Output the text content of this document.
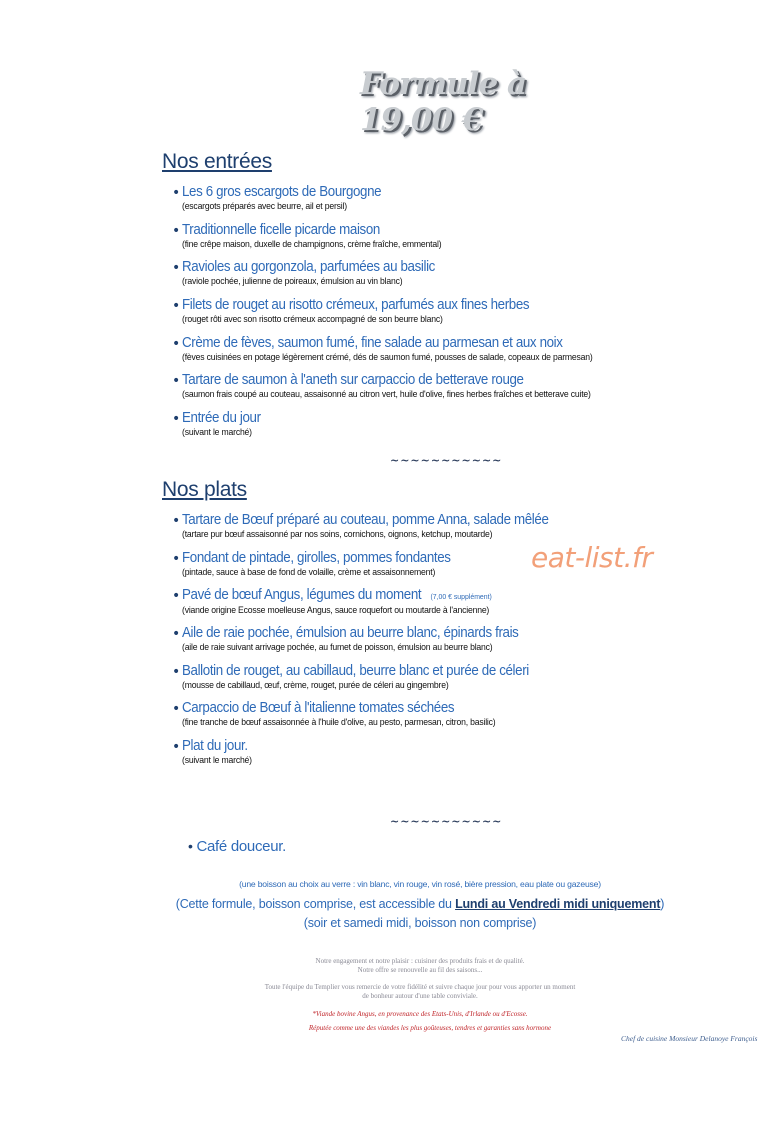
Formule à 19,00 €
Nos entrées
• Les 6 gros escargots de Bourgogne
(escargots préparés avec beurre, ail et persil)
• Traditionnelle ficelle picarde maison
(fine crêpe maison, duxelle de champignons, crème fraîche, emmental)
• Ravioles au gorgonzola, parfumées au basilic
(raviole pochée, julienne de poireaux, émulsion au vin blanc)
• Filets de rouget au risotto crémeux, parfumés aux fines herbes
(rouget rôti avec son risotto crémeux accompagné de son beurre blanc)
• Crème de fèves, saumon fumé, fine salade au parmesan et aux noix
(fèves cuisinées en potage légèrement crémé, dés de saumon fumé, pousses de salade, copeaux de parmesan)
• Tartare de saumon à l'aneth sur carpaccio de betterave rouge
(saumon frais coupé au couteau, assaisonné au citron vert, huile d'olive, fines herbes fraîches et betterave cuite)
• Entrée du jour
(suivant le marché)
~~~~~~~~~~~
Nos plats
• Tartare de Bœuf préparé au couteau, pomme Anna, salade mêlée
(tartare pur bœuf assaisonné par nos soins, cornichons, oignons, ketchup, moutarde)
• Fondant de pintade, girolles, pommes fondantes
(pintade, sauce à base de fond de volaille, crème et assaisonnement)
• Pavé de bœuf Angus, légumes du moment (7,00 € supplément)
(viande origine Ecosse moelleuse Angus, sauce roquefort ou moutarde à l'ancienne)
• Aile de raie pochée, émulsion au beurre blanc, épinards frais
(aile de raie suivant arrivage pochée, au fumet de poisson, émulsion au beurre blanc)
• Ballotin de rouget, au cabillaud, beurre blanc et purée de céleri
(mousse de cabillaud, œuf, crème, rouget, purée de céleri au gingembre)
• Carpaccio de Bœuf à l'italienne tomates séchées
(fine tranche de bœuf assaisonnée à l'huile d'olive, au pesto, parmesan, citron, basilic)
• Plat du jour.
(suivant le marché)
eat-list.fr
~~~~~~~~~~~
• Café douceur.
(une boisson au choix au verre : vin blanc, vin rouge, vin rosé, bière pression, eau plate ou gazeuse)
(Cette formule, boisson comprise, est accessible du Lundi au Vendredi midi uniquement)
(soir et samedi midi, boisson non comprise)
Notre engagement et notre plaisir : cuisiner des produits frais et de qualité.
Notre offre se renouvelle au fil des saisons...
Toute l'équipe du Templier vous remercie de votre fidélité et suivre chaque jour pour vous apporter un moment
de bonheur autour d'une table conviviale.
*Viande bovine Angus, en provenance des Etats-Unis, d'Irlande ou d'Ecosse.
Réputée comme une des viandes les plus goûteuses, tendres et garanties sans hormone
Chef de cuisine Monsieur Delanoye François
